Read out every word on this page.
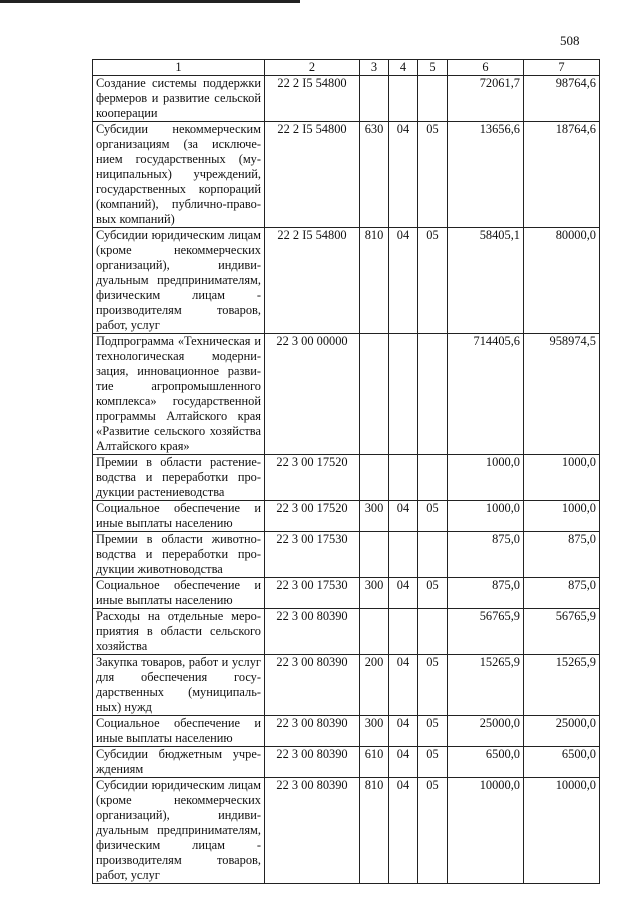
508
1	2	3	4	5	6	7
Создание системы поддержки фермеров и развитие сельской кооперации	22 2 I5 54800				72061,7	98764,6
Субсидии некоммерческим организациям (за исключением государственных (муниципальных) учреждений, государственных корпораций (компаний), публично-правовых компаний)	22 2 I5 54800	630	04	05	13656,6	18764,6
Субсидии юридическим лицам (кроме некоммерческих организаций), индивидуальным предпринимателям, физическим лицам - производителям товаров, работ, услуг	22 2 I5 54800	810	04	05	58405,1	80000,0
Подпрограмма «Техническая и технологическая модернизация, инновационное развитие агропромышленного комплекса» государственной программы Алтайского края «Развитие сельского хозяйства Алтайского края»	22 3 00 00000				714405,6	958974,5
Премии в области растениеводства и переработки продукции растениеводства	22 3 00 17520				1000,0	1000,0
Социальное обеспечение и иные выплаты населению	22 3 00 17520	300	04	05	1000,0	1000,0
Премии в области животноводства и переработки продукции животноводства	22 3 00 17530				875,0	875,0
Социальное обеспечение и иные выплаты населению	22 3 00 17530	300	04	05	875,0	875,0
Расходы на отдельные мероприятия в области сельского хозяйства	22 3 00 80390				56765,9	56765,9
Закупка товаров, работ и услуг для обеспечения государственных (муниципальных) нужд	22 3 00 80390	200	04	05	15265,9	15265,9
Социальное обеспечение и иные выплаты населению	22 3 00 80390	300	04	05	25000,0	25000,0
Субсидии бюджетным учреждениям	22 3 00 80390	610	04	05	6500,0	6500,0
Субсидии юридическим лицам (кроме некоммерческих организаций), индивидуальным предпринимателям, физическим лицам - производителям товаров, работ, услуг	22 3 00 80390	810	04	05	10000,0	10000,0
